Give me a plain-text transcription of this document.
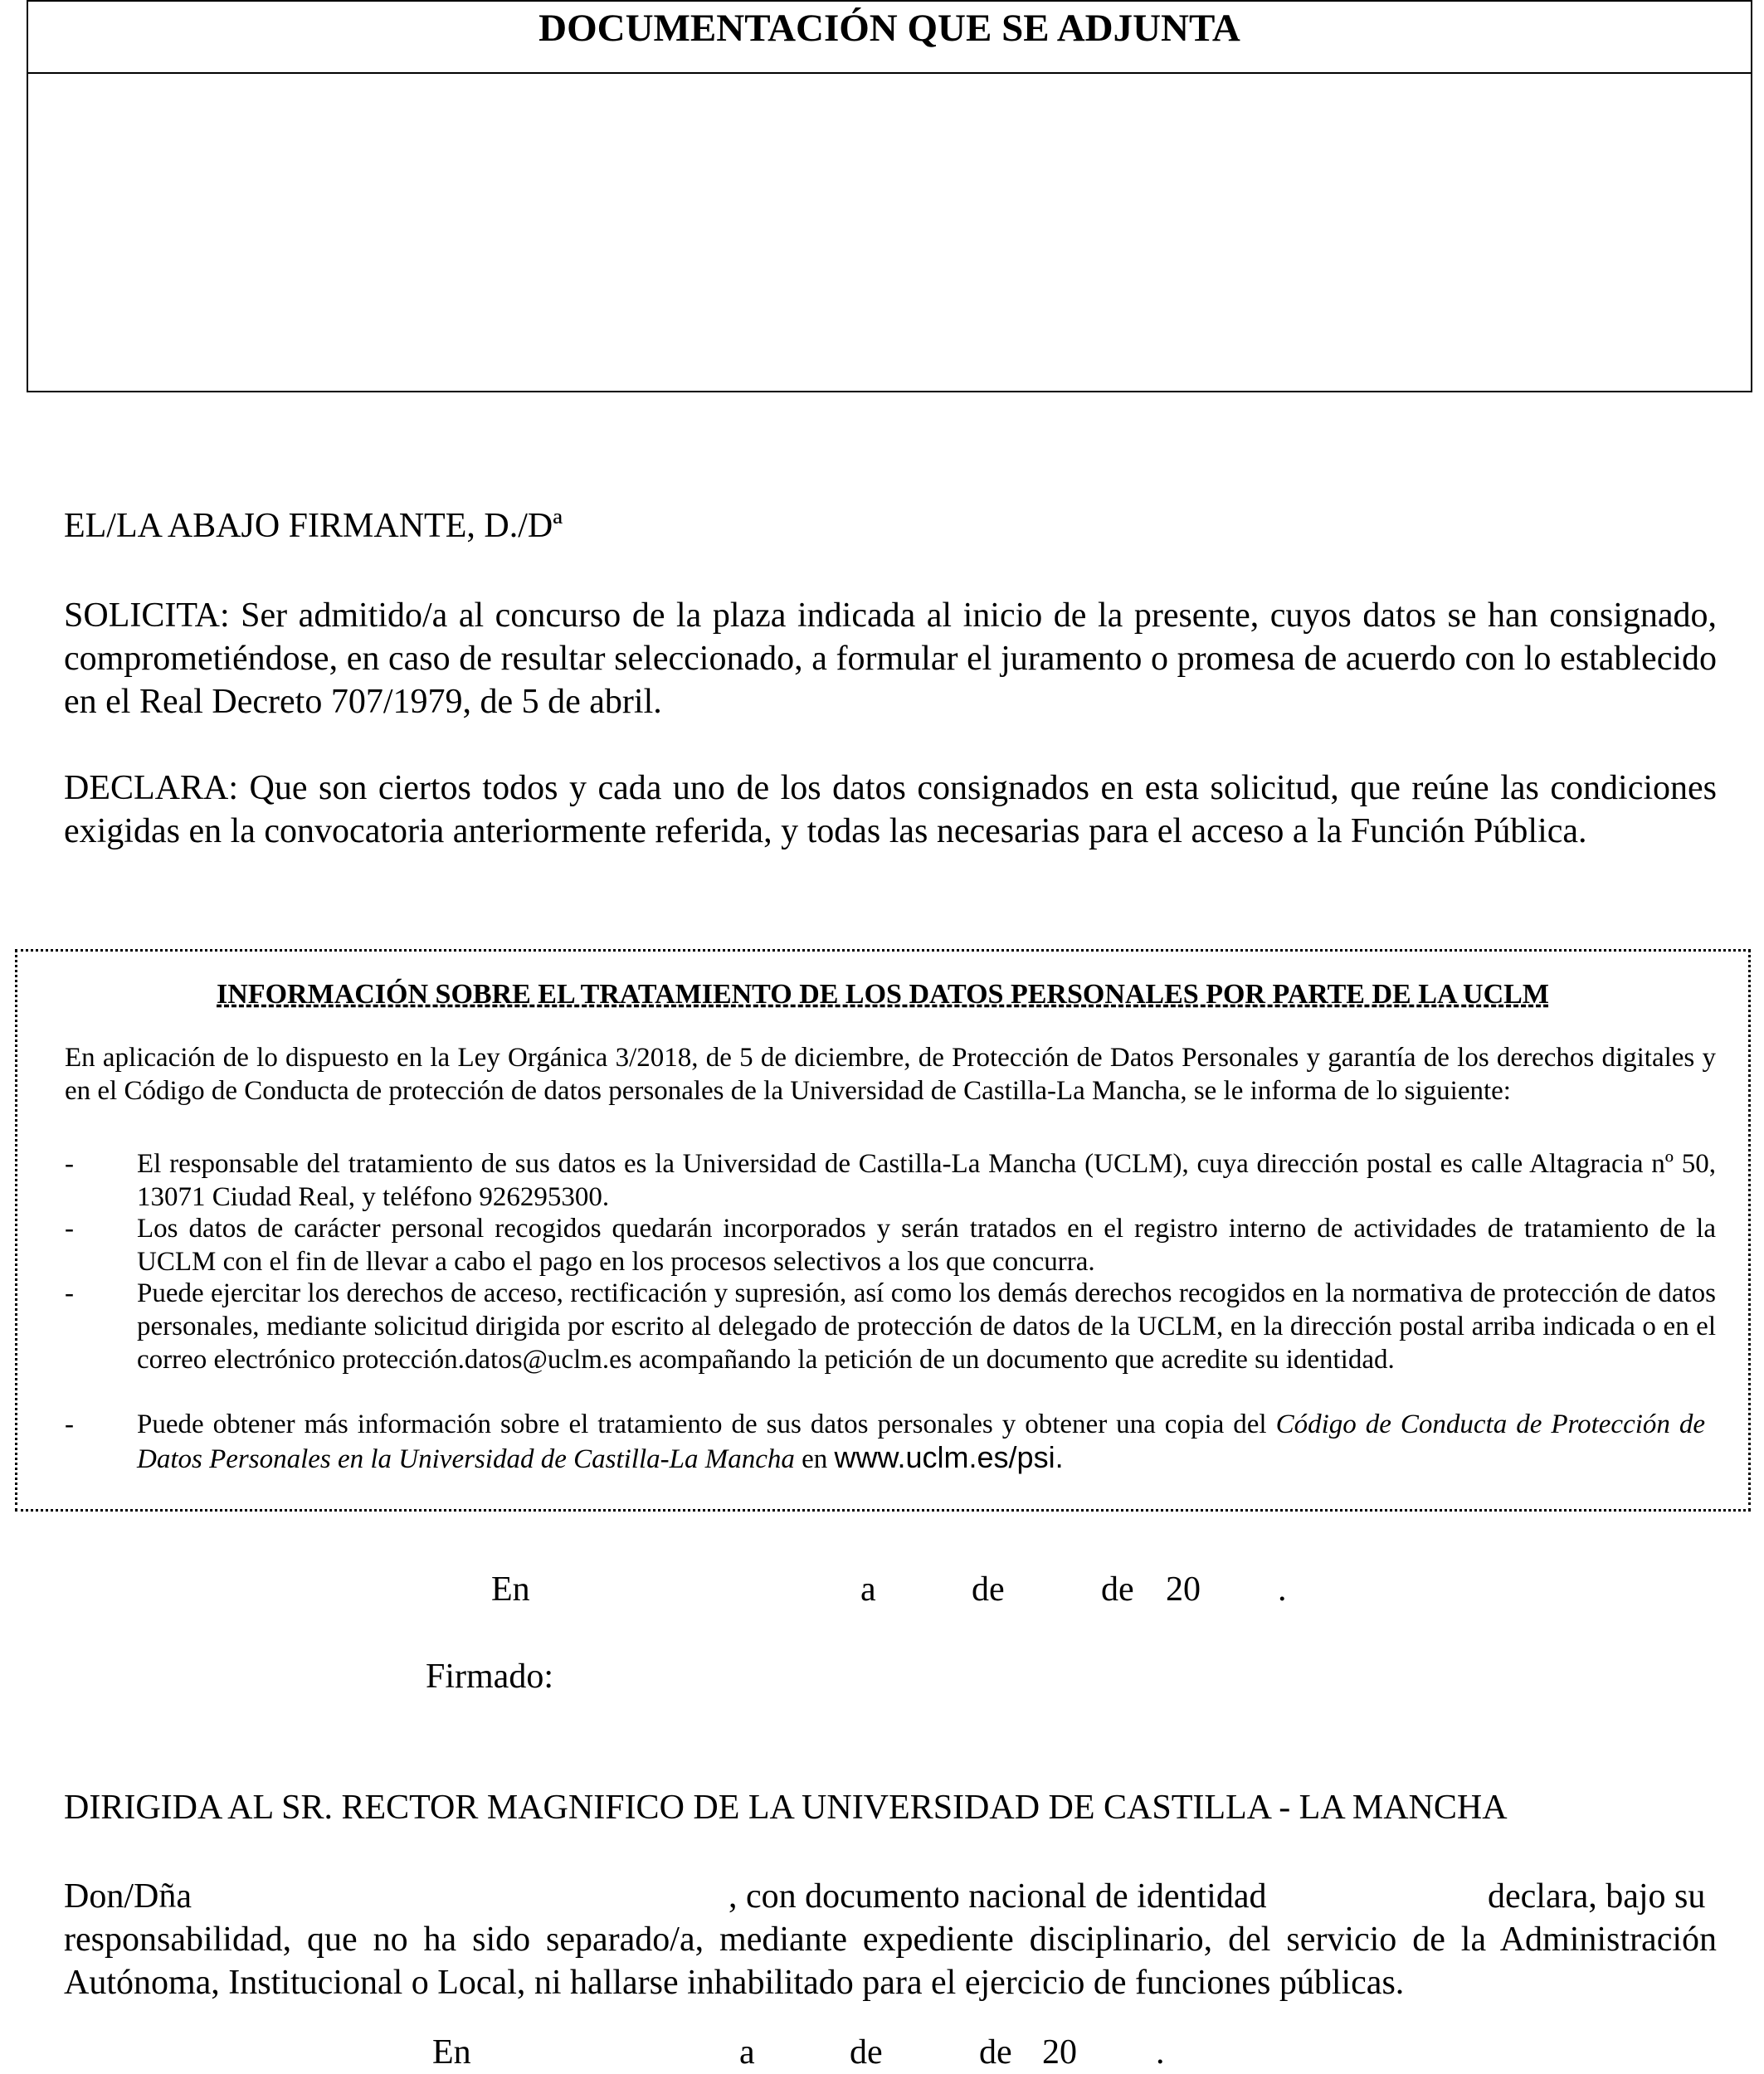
DOCUMENTACIÓN QUE SE ADJUNTA
EL/LA ABAJO FIRMANTE, D./Dª
SOLICITA: Ser admitido/a al concurso de la plaza indicada al inicio de la presente, cuyos datos se han consignado, comprometiéndose, en caso de resultar seleccionado, a formular el juramento o promesa de acuerdo con lo establecido en el Real Decreto 707/1979, de 5 de abril.
DECLARA: Que son ciertos todos y cada uno de los datos consignados en esta solicitud, que reúne las condiciones exigidas en la convocatoria anteriormente referida, y todas las necesarias para el acceso a la Función Pública.
INFORMACIÓN SOBRE EL TRATAMIENTO DE LOS DATOS PERSONALES POR PARTE DE LA UCLM
En aplicación de lo dispuesto en la Ley Orgánica 3/2018, de 5 de diciembre, de Protección de Datos Personales y garantía de los derechos digitales y en el Código de Conducta de protección de datos personales de la Universidad de Castilla-La Mancha, se le informa de lo siguiente:
-	El responsable del tratamiento de sus datos es la Universidad de Castilla-La Mancha (UCLM), cuya dirección postal es calle Altagracia nº 50, 13071 Ciudad Real, y teléfono 926295300.
-	Los datos de carácter personal recogidos quedarán incorporados y serán tratados en el registro interno de actividades de tratamiento de la UCLM con el fin de llevar a cabo el pago en los procesos selectivos a los que concurra.
-	Puede ejercitar los derechos de acceso, rectificación y supresión, así como los demás derechos recogidos en la normativa de protección de datos personales, mediante solicitud dirigida por escrito al delegado de protección de datos de la UCLM, en la dirección postal arriba indicada o en el correo electrónico protección.datos@uclm.es acompañando la petición de un documento que acredite su identidad.
-	Puede obtener más información sobre el tratamiento de sus datos personales y obtener una copia del Código de Conducta de Protección de Datos Personales en la Universidad de Castilla-La Mancha en www.uclm.es/psi.
En	a	de	de 20 .
Firmado:
DIRIGIDA AL SR. RECTOR MAGNIFICO DE LA UNIVERSIDAD DE CASTILLA - LA MANCHA
Don/Dña	, con documento nacional de identidad	declara, bajo su
responsabilidad, que no ha sido separado/a, mediante expediente disciplinario, del servicio de la Administración Autónoma, Institucional o Local, ni hallarse inhabilitado para el ejercicio de funciones públicas.
En	a	de	de 20 .
